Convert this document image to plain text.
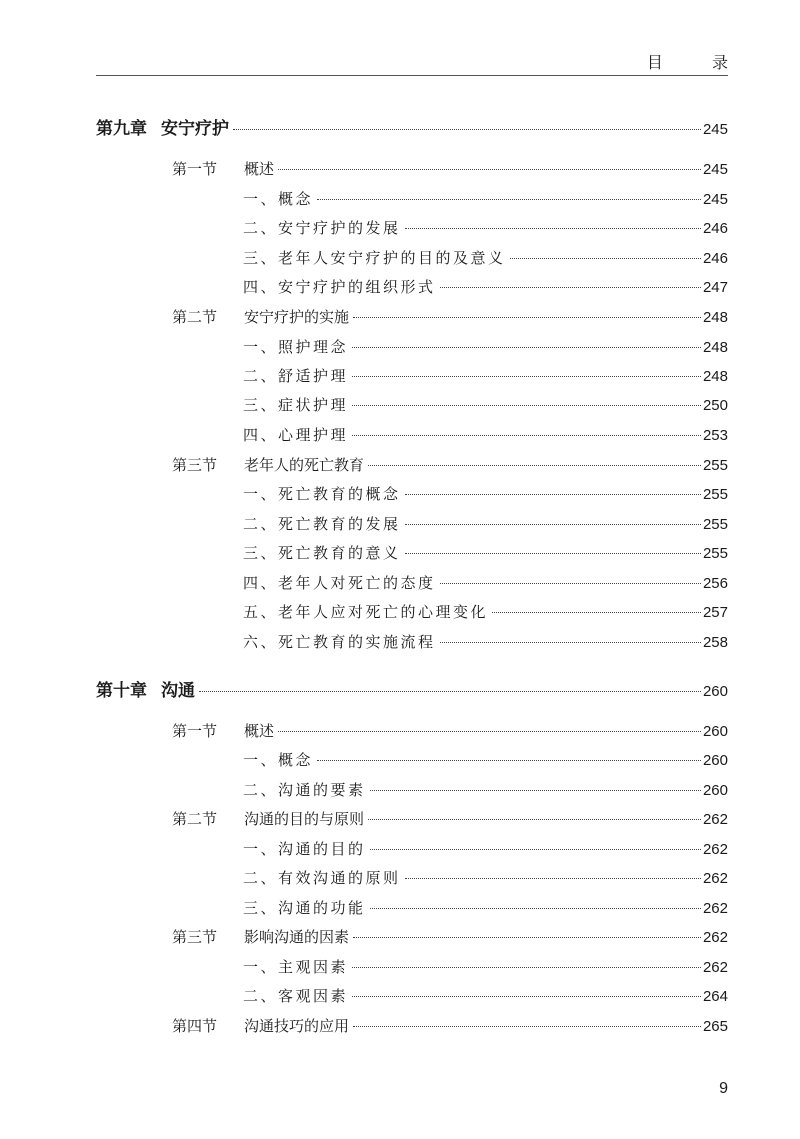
目 录
第九章 安宁疗护	245
第一节	概述	245
一、概念	245
二、安宁疗护的发展	246
三、老年人安宁疗护的目的及意义	246
四、安宁疗护的组织形式	247
第二节	安宁疗护的实施	248
一、照护理念	248
二、舒适护理	248
三、症状护理	250
四、心理护理	253
第三节	老年人的死亡教育	255
一、死亡教育的概念	255
二、死亡教育的发展	255
三、死亡教育的意义	255
四、老年人对死亡的态度	256
五、老年人应对死亡的心理变化	257
六、死亡教育的实施流程	258
第十章 沟通	260
第一节	概述	260
一、概念	260
二、沟通的要素	260
第二节	沟通的目的与原则	262
一、沟通的目的	262
二、有效沟通的原则	262
三、沟通的功能	262
第三节	影响沟通的因素	262
一、主观因素	262
二、客观因素	264
第四节	沟通技巧的应用	265
9
